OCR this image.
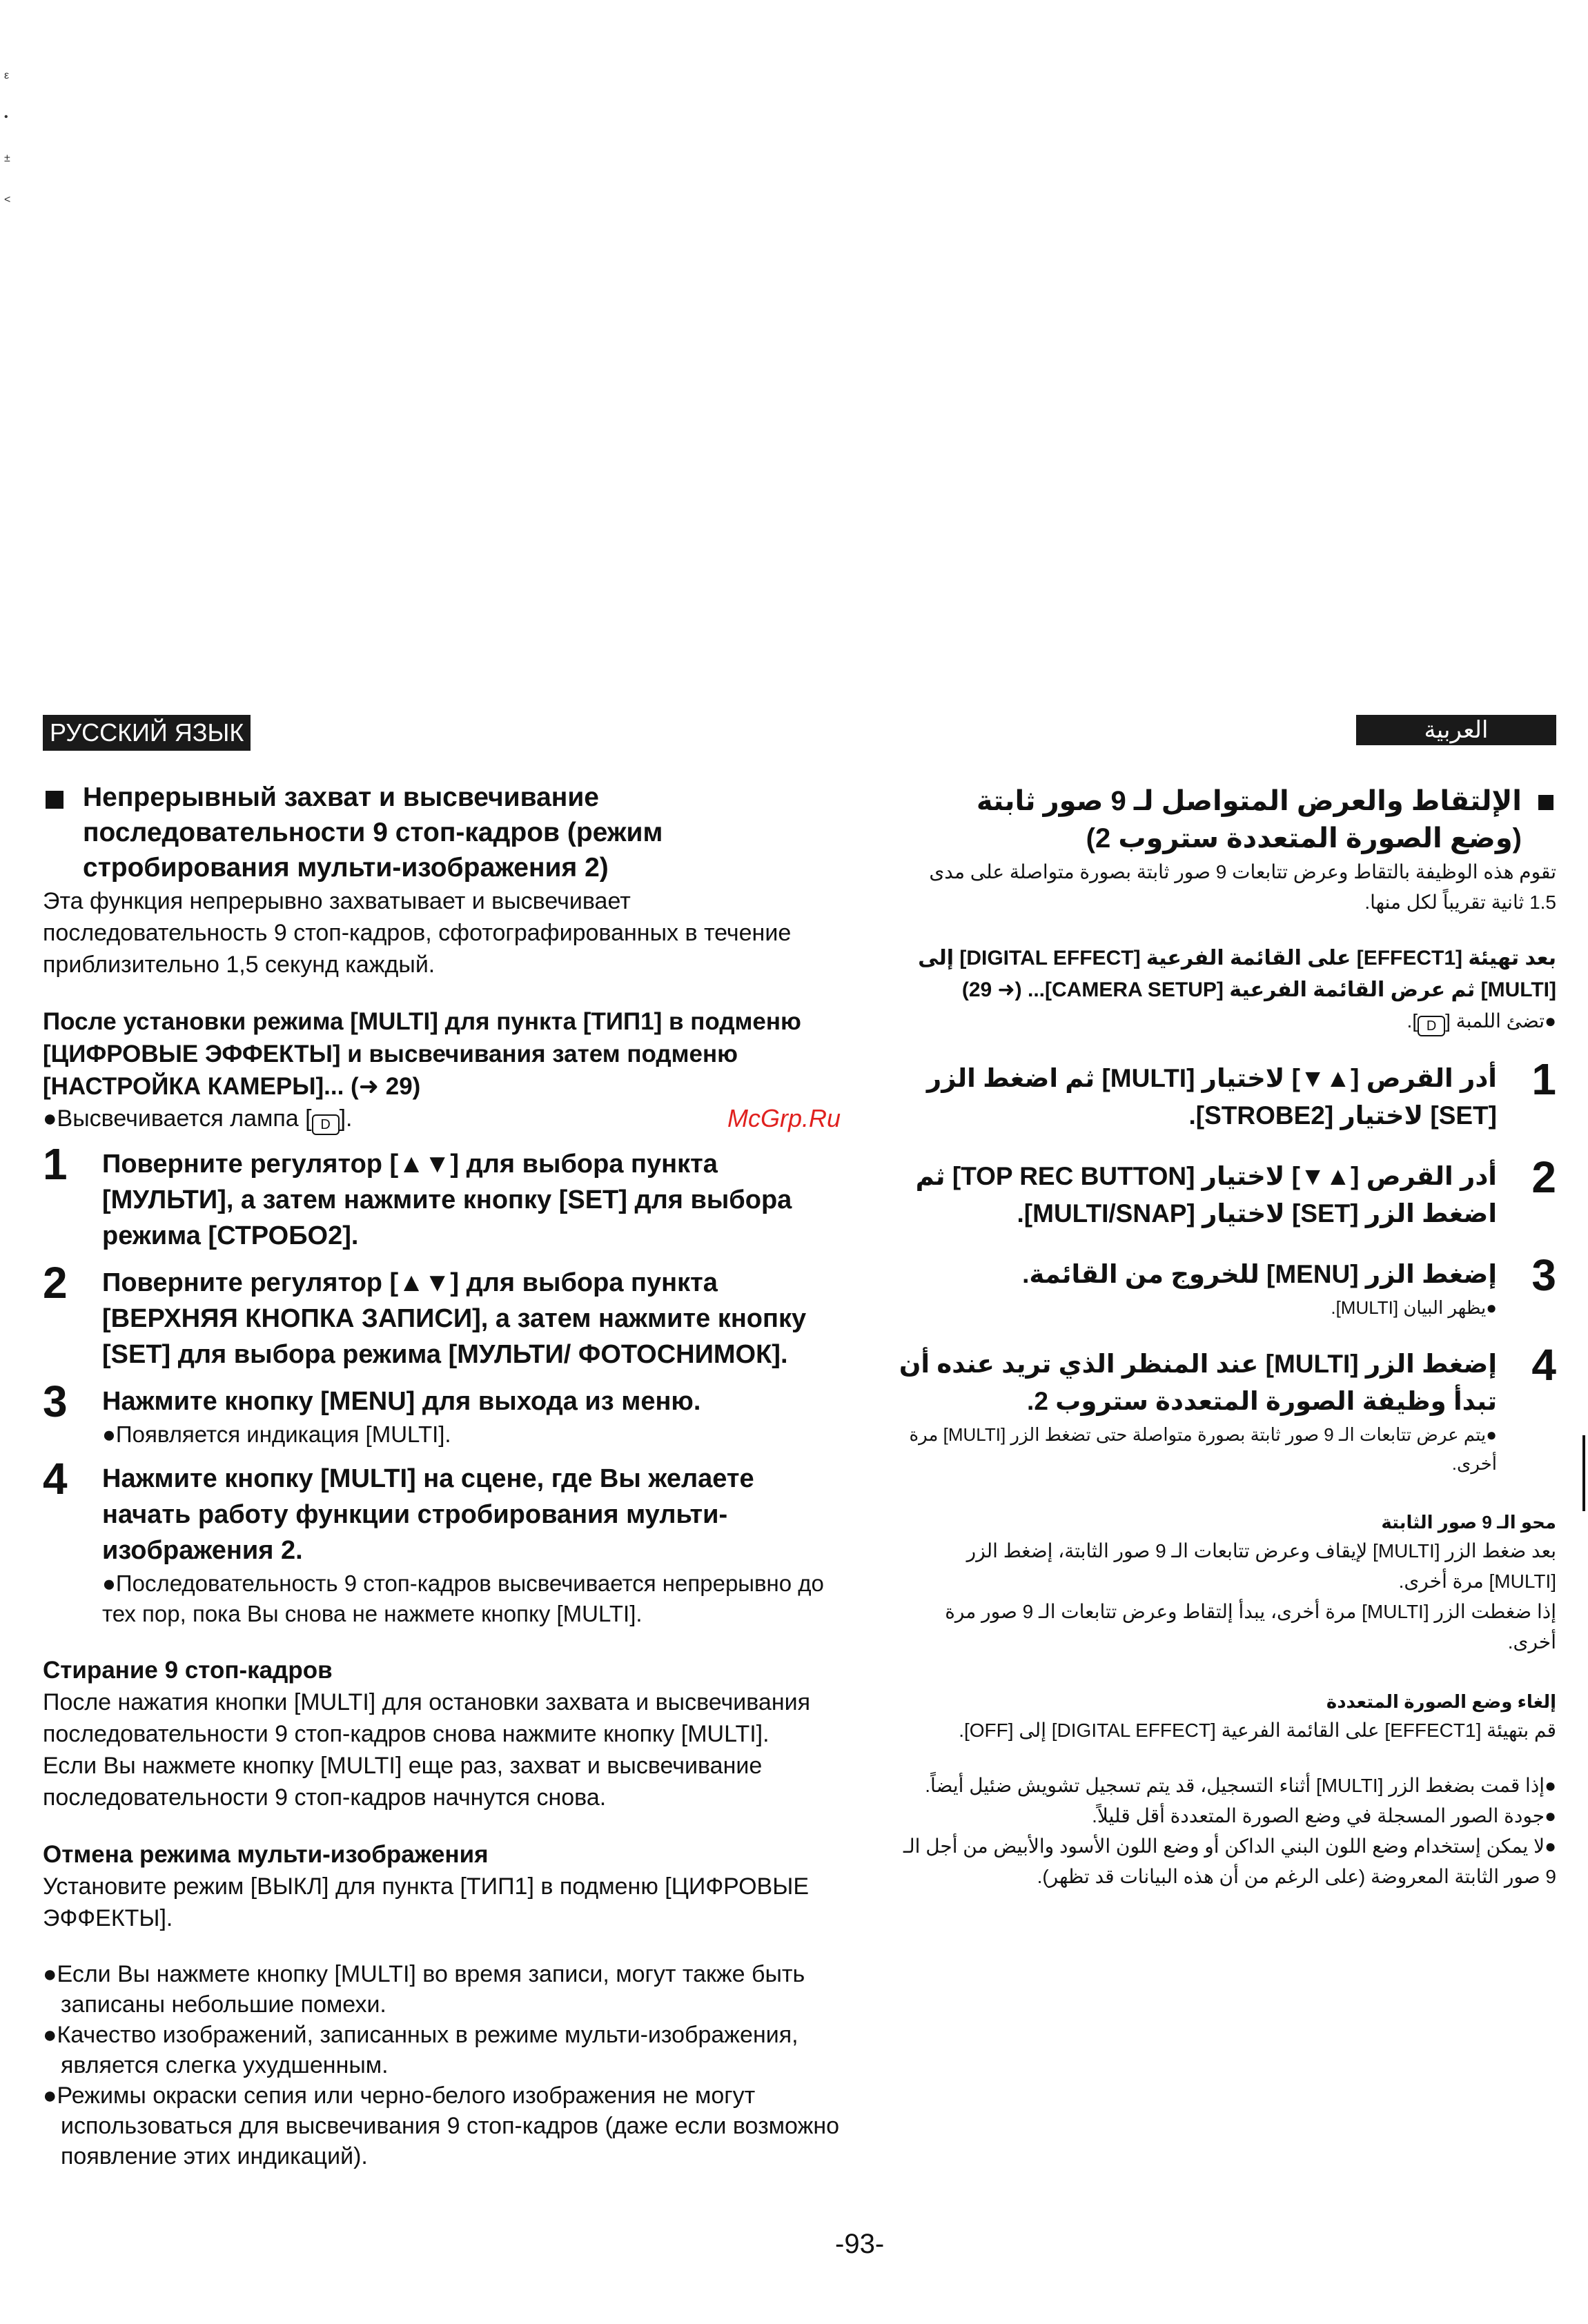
ε
•
±
˂
РУССКИЙ ЯЗЫК
Непрерывный захват и высвечивание последовательности 9 стоп-кадров (режим стробирования мульти-изображения 2)
Эта функция непрерывно захватывает и высвечивает последовательность 9 стоп-кадров, сфотографированных в течение приблизительно 1,5 секунд каждый.
После установки режима [MULTI] для пункта [ТИП1] в подменю [ЦИФРОВЫЕ ЭФФЕКТЫ] и высвечивания затем подменю [НАСТРОЙКА КАМЕРЫ]... (➜ 29)
●Высвечивается лампа [ D ].
1 Поверните регулятор [▲▼] для выбора пункта [МУЛЬТИ], а затем нажмите кнопку [SET] для выбора режима [СТРОБО2].
2 Поверните регулятор [▲▼] для выбора пункта [ВЕРХНЯЯ КНОПКА ЗАПИСИ], а затем нажмите кнопку [SET] для выбора режима [МУЛЬТИ/ ФОТОСНИМОК].
3 Нажмите кнопку [MENU] для выхода из меню.
●Появляется индикация [MULTI].
4 Нажмите кнопку [MULTI] на сцене, где Вы желаете начать работу функции стробирования мульти-изображения 2.
●Последовательность 9 стоп-кадров высвечивается непрерывно до тех пор, пока Вы снова не нажмете кнопку [MULTI].
Стирание 9 стоп-кадров
После нажатия кнопки [MULTI] для остановки захвата и высвечивания последовательности 9 стоп-кадров снова нажмите кнопку [MULTI].
Если Вы нажмете кнопку [MULTI] еще раз, захват и высвечивание последовательности 9 стоп-кадров начнутся снова.
Отмена режима мульти-изображения
Установите режим [ВЫКЛ] для пункта [ТИП1] в подменю [ЦИФРОВЫЕ ЭФФЕКТЫ].
●Если Вы нажмете кнопку [MULTI] во время записи, могут также быть записаны небольшие помехи.
●Качество изображений, записанных в режиме мульти-изображения, является слегка ухудшенным.
●Режимы окраски сепия или черно-белого изображения не могут использоваться для высвечивания 9 стоп-кадров (даже если возможно появление этих индикаций).
العربية
الإلتقاط والعرض المتواصل لـ 9 صور ثابتة (وضع الصورة المتعددة ستروب 2)
تقوم هذه الوظيفة بالتقاط وعرض تتابعات 9 صور ثابتة بصورة متواصلة على مدى 1.5 ثانية تقريباً لكل منها.
بعد تهيئة [EFFECT1] على القائمة الفرعية [DIGITAL EFFECT] إلى [MULTI] ثم عرض القائمة الفرعية [CAMERA SETUP]... (➜ 29)
●تضئ اللمبة [D].
1
أدر القرص [▲▼] لاختيار [MULTI] ثم اضغط الزر [SET] لاختيار [STROBE2].
2
أدر القرص [▲▼] لاختيار [TOP REC BUTTON] ثم اضغط الزر [SET] لاختيار [MULTI/SNAP].
3
إضغط الزر [MENU] للخروج من القائمة.
●يظهر البيان [MULTI].
4
إضغط الزر [MULTI] عند المنظر الذي تريد عنده أن تبدأ وظيفة الصورة المتعددة ستروب 2.
●يتم عرض تتابعات الـ 9 صور ثابتة بصورة متواصلة حتى تضغط الزر [MULTI] مرة أخرى.
محو الـ 9 صور الثابتة
بعد ضغط الزر [MULTI] لإيقاف وعرض تتابعات الـ 9 صور الثابتة، إضغط الزر [MULTI] مرة أخرى.
إذا ضغطت الزر [MULTI] مرة أخرى، يبدأ إلتقاط وعرض تتابعات الـ 9 صور مرة أخرى.
إلغاء وضع الصورة المتعددة
قم بتهيئة [EFFECT1] على القائمة الفرعية [DIGITAL EFFECT] إلى [OFF].
●إذا قمت بضغط الزر [MULTI] أثناء التسجيل، قد يتم تسجيل تشويش ضئيل أيضاً.
●جودة الصور المسجلة في وضع الصورة المتعددة أقل قليلاً.
●لا يمكن إستخدام وضع اللون البني الداكن أو وضع اللون الأسود والأبيض من أجل الـ 9 صور الثابتة المعروضة (على الرغم من أن هذه البيانات قد تظهر).
McGrp.Ru
-93-
